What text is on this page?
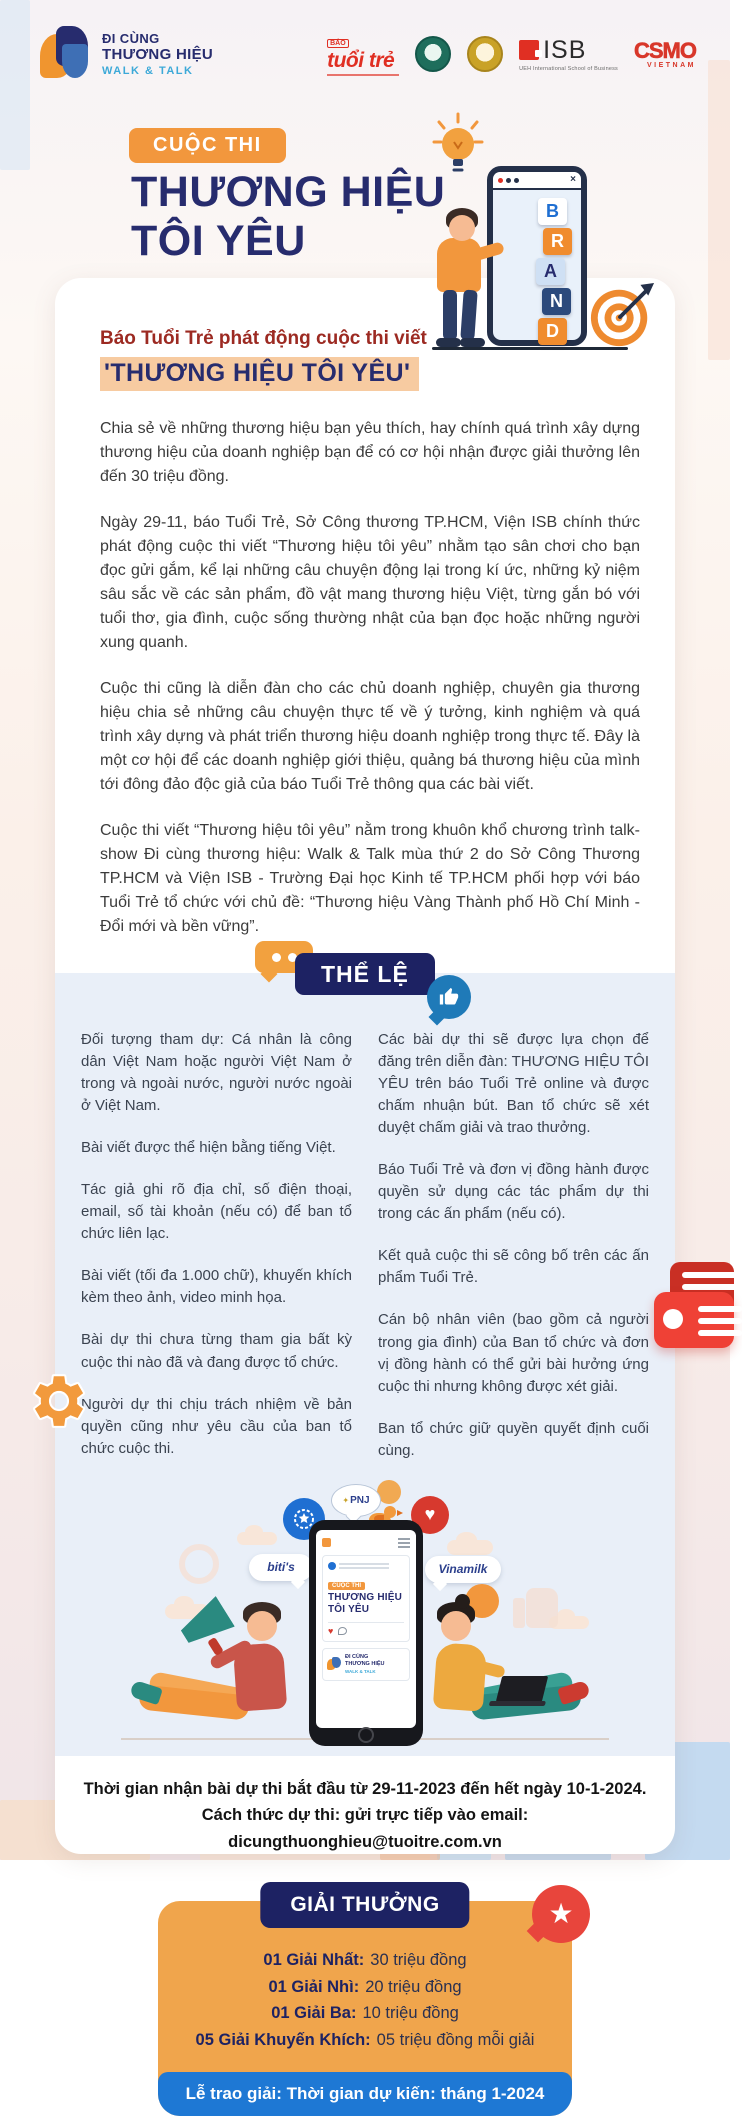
ĐI CÙNG
THƯƠNG HIỆU
WALK & TALK
BÁO
tuổi trẻ	ISB
UEH International School of Business
CSMO
VIETNAM
CUỘC THI
THƯƠNG HIỆU
TÔI YÊU
×
B
R
A
N
D
Báo Tuổi Trẻ phát động cuộc thi viết
'THƯƠNG HIỆU TÔI YÊU'

Chia sẻ về những thương hiệu bạn yêu thích, hay chính quá trình xây dựng thương hiệu của doanh nghiệp bạn để có cơ hội nhận được giải thưởng lên đến 30 triệu đồng.

Ngày 29-11, báo Tuổi Trẻ, Sở Công thương TP.HCM, Viện ISB chính thức phát động cuộc thi viết “Thương hiệu tôi yêu” nhằm tạo sân chơi cho bạn đọc gửi gắm, kể lại những câu chuyện động lại trong kí ức, những kỷ niệm sâu sắc về các sản phẩm, đồ vật mang thương hiệu Việt, từng gắn bó với tuổi thơ, gia đình, cuộc sống thường nhật của bạn đọc hoặc những người xung quanh.

Cuộc thi cũng là diễn đàn cho các chủ doanh nghiệp, chuyên gia thương hiệu chia sẻ những câu chuyện thực tế về ý tưởng, kinh nghiệm và quá trình xây dựng và phát triển thương hiệu doanh nghiệp trong thực tế. Đây là một cơ hội để các doanh nghiệp giới thiệu, quảng bá thương hiệu của mình tới đông đảo độc giả của báo Tuổi Trẻ thông qua các bài viết.

Cuộc thi viết “Thương hiệu tôi yêu” nằm trong khuôn khổ chương trình talk-show Đi cùng thương hiệu: Walk & Talk mùa thứ 2 do Sở Công Thương TP.HCM và Viện ISB - Trường Đại học Kinh tế TP.HCM phối hợp với báo Tuổi Trẻ tổ chức với chủ đề: “Thương hiệu Vàng Thành phố Hồ Chí Minh - Đổi mới và bền vững”.

THỂ LỆ

Đối tượng tham dự: Cá nhân là công dân Việt Nam hoặc người Việt Nam ở trong và ngoài nước, người nước ngoài ở Việt Nam.

Bài viết được thể hiện bằng tiếng Việt.

Tác giả ghi rõ địa chỉ, số điện thoại, email, số tài khoản (nếu có) để ban tổ chức liên lạc.

Bài viết (tối đa 1.000 chữ), khuyến khích kèm theo ảnh, video minh họa.

Bài dự thi chưa từng tham gia bất kỳ cuộc thi nào đã và đang được tổ chức.

Người dự thi chịu trách nhiệm về bản quyền cũng như yêu cầu của ban tổ chức cuộc thi.

Các bài dự thi sẽ được lựa chọn để đăng trên diễn đàn: THƯƠNG HIỆU TÔI YÊU trên báo Tuổi Trẻ online và được chấm nhuận bút. Ban tổ chức sẽ xét duyệt chấm giải và trao thưởng.

Báo Tuổi Trẻ và đơn vị đồng hành được quyền sử dụng các tác phẩm dự thi trong các ấn phẩm (nếu có).

Kết quả cuộc thi sẽ công bố trên các ấn phẩm Tuổi Trẻ.

Cán bộ nhân viên (bao gồm cả người trong gia đình) của Ban tổ chức và đơn vị đồng hành có thể gửi bài hưởng ứng cuộc thi nhưng không được xét giải.

Ban tổ chức giữ quyền quyết định cuối cùng.

✦ PNJ
♥
biti's	Vinamilk
CUỘC THI
THƯƠNG HIỆU
TÔI YÊU
♥
ĐI CÙNG
THƯƠNG HIỆU
WALK & TALK
Thời gian nhận bài dự thi bắt đầu từ 29-11-2023 đến hết ngày 10-1-2024.
Cách thức dự thi: gửi trực tiếp vào email: dicungthuonghieu@tuoitre.com.vn
GIẢI THƯỞNG	★
01 Giải Nhất: 30 triệu đồng
01 Giải Nhì: 20 triệu đồng
01 Giải Ba: 10 triệu đồng
05 Giải Khuyến Khích: 05 triệu đồng mỗi giải
Lễ trao giải: Thời gian dự kiến: tháng 1-2024
